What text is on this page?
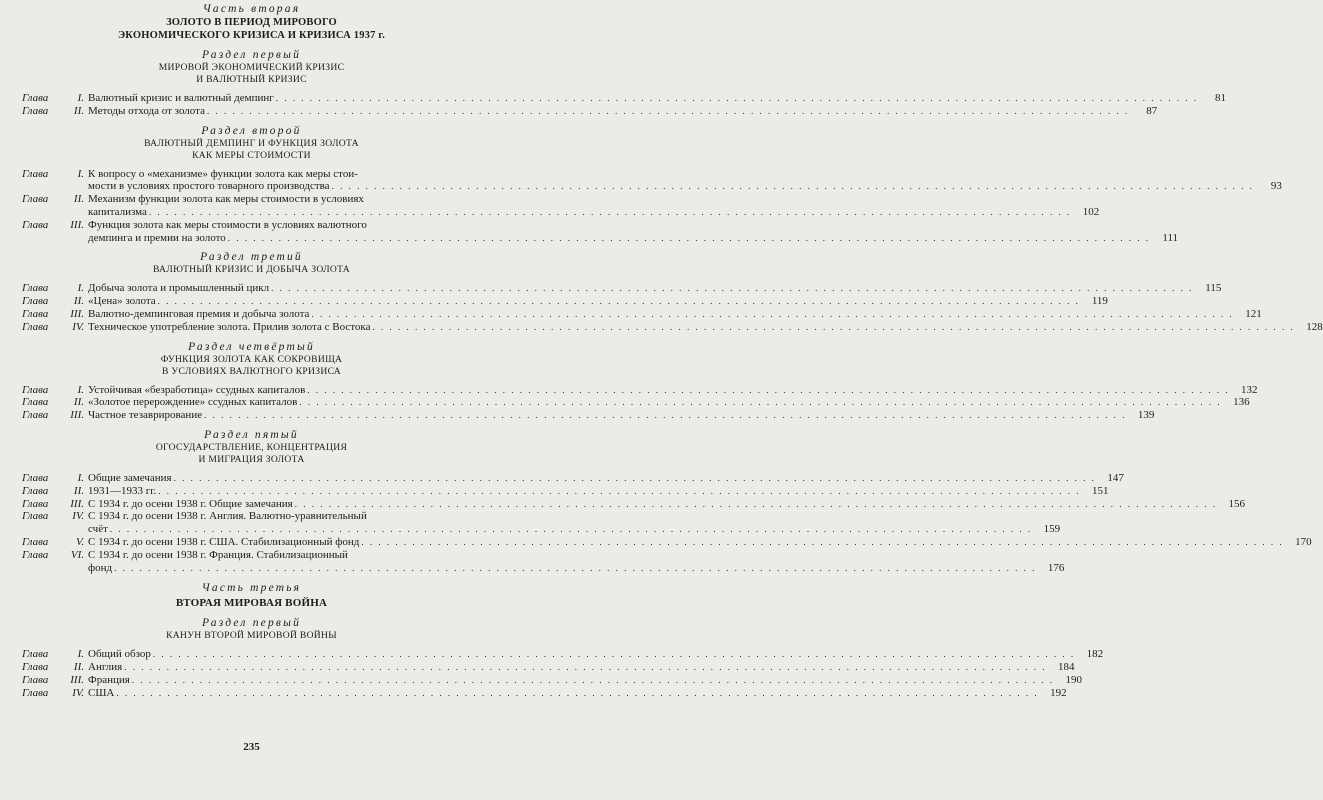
Часть вторая
ЗОЛОТО В ПЕРИОД МИРОВОГО
ЭКОНОМИЧЕСКОГО КРИЗИСА И КРИЗИСА 1937 г.
Раздел первый
МИРОВОЙ ЭКОНОМИЧЕСКИЙ КРИЗИС
И ВАЛЮТНЫЙ КРИЗИС
Глава	I. Валютный кризис и валютный демпинг . . .	81
Глава	II. Методы отхода от золота . . .	87
Раздел второй
ВАЛЮТНЫЙ ДЕМПИНГ И ФУНКЦИЯ ЗОЛОТА
КАК МЕРЫ СТОИМОСТИ
Глава	I. К вопросу о «механизме» функции золота как меры стои-
мости в условиях простого товарного производства . . .	93
Глава	II. Механизм функции золота как меры стоимости в условиях
капитализма . . .	102
Глава	III. Функция золота как меры стоимости в условиях валютного
демпинга и премии на золото . . .	111
Раздел третий
ВАЛЮТНЫЙ КРИЗИС И ДОБЫЧА ЗОЛОТА
Глава	I. Добыча золота и промышленный цикл . . .	115
Глава	II. «Цена» золота . . .	119
Глава	III. Валютно-демпинговая премия и добыча золота . . .	121
Глава	IV. Техническое употребление золота. Прилив золота с Востока . . .	128
Раздел четвёртый
ФУНКЦИЯ ЗОЛОТА КАК СОКРОВИЩА
В УСЛОВИЯХ ВАЛЮТНОГО КРИЗИСА
Глава	I. Устойчивая «безработица» ссудных капиталов . . .	132
Глава	II. «Золотое перерождение» ссудных капиталов . . .	136
Глава	III. Частное тезаврирование . . .	139
Раздел пятый
ОГОСУДАРСТВЛЕНИЕ, КОНЦЕНТРАЦИЯ
И МИГРАЦИЯ ЗОЛОТА
Глава	I. Общие замечания . . .	147
Глава	II. 1931—1933 гг. . . .	151
Глава	III. С 1934 г. до осени 1938 г. Общие замечания . . .	156
Глава	IV. С 1934 г. до осени 1938 г. Англия. Валютно-уравнительный
счёт . . .	159
Глава	V. С 1934 г. до осени 1938 г. США. Стабилизационный фонд . . .	170
Глава	VI. С 1934 г. до осени 1938 г. Франция. Стабилизационный
фонд . . .	176
Часть третья
ВТОРАЯ МИРОВАЯ ВОЙНА
Раздел первый
КАНУН ВТОРОЙ МИРОВОЙ ВОЙНЫ
Глава	I. Общий обзор . . .	182
Глава	II. Англия . . .	184
Глава	III. Франция . . .	190
Глава	IV. США . . .	192
235
